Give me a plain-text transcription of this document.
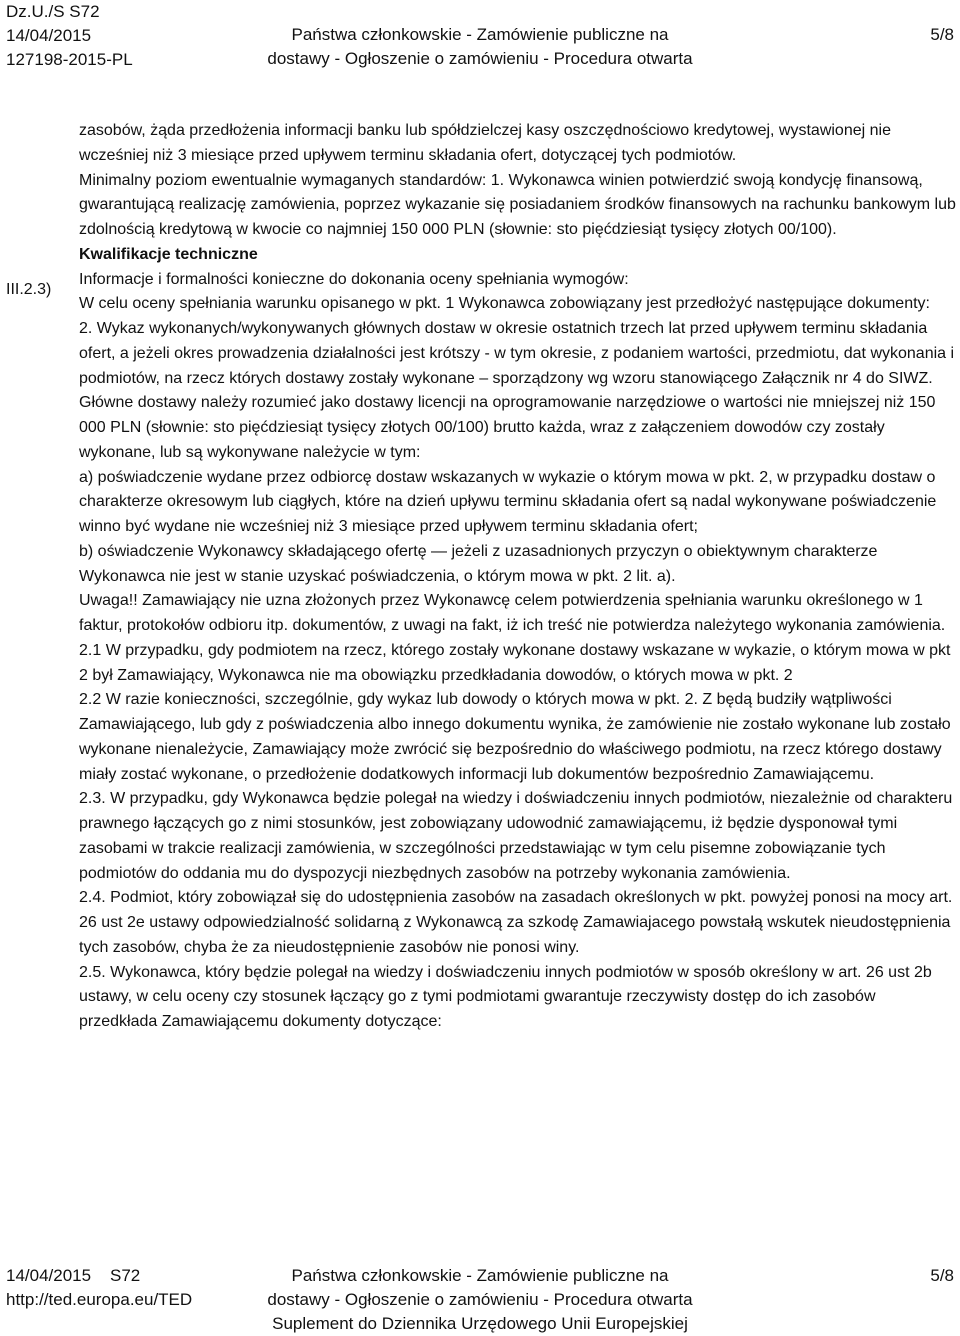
Dz.U./S S72
14/04/2015
127198-2015-PL
Państwa członkowskie - Zamówienie publiczne na
dostawy - Ogłoszenie o zamówieniu - Procedura otwarta
5/8
III.2.3)

zasobów, żąda przedłożenia informacji banku lub spółdzielczej kasy oszczędnościowo kredytowej, wystawionej nie wcześniej niż 3 miesiące przed upływem terminu składania ofert, dotyczącej tych podmiotów.

Minimalny poziom ewentualnie wymaganych standardów: 1. Wykonawca winien potwierdzić swoją kondycję finansową, gwarantującą realizację zamówienia, poprzez wykazanie się posiadaniem środków finansowych na rachunku bankowym lub zdolnością kredytową w kwocie co najmniej 150 000 PLN (słownie: sto pięćdziesiąt tysięcy złotych 00/100).

Kwalifikacje techniczne

Informacje i formalności konieczne do dokonania oceny spełniania wymogów:

W celu oceny spełniania warunku opisanego w pkt. 1 Wykonawca zobowiązany jest przedłożyć następujące dokumenty:

2. Wykaz wykonanych/wykonywanych głównych dostaw w okresie ostatnich trzech lat przed upływem terminu składania ofert, a jeżeli okres prowadzenia działalności jest krótszy - w tym okresie, z podaniem wartości, przedmiotu, dat wykonania i podmiotów, na rzecz których dostawy zostały wykonane – sporządzony wg wzoru stanowiącego Załącznik nr 4 do SIWZ. Główne dostawy należy rozumieć jako dostawy licencji na oprogramowanie narzędziowe o wartości nie mniejszej niż 150 000 PLN (słownie: sto pięćdziesiąt tysięcy złotych 00/100) brutto każda, wraz z załączeniem dowodów czy zostały wykonane, lub są wykonywane należycie w tym:

a) poświadczenie wydane przez odbiorcę dostaw wskazanych w wykazie o którym mowa w pkt. 2, w przypadku dostaw o charakterze okresowym lub ciągłych, które na dzień upływu terminu składania ofert są nadal wykonywane poświadczenie winno być wydane nie wcześniej niż 3 miesiące przed upływem terminu składania ofert;

b) oświadczenie Wykonawcy składającego ofertę — jeżeli z uzasadnionych przyczyn o obiektywnym charakterze Wykonawca nie jest w stanie uzyskać poświadczenia, o którym mowa w pkt. 2 lit. a).

Uwaga!! Zamawiający nie uzna złożonych przez Wykonawcę celem potwierdzenia spełniania warunku określonego w 1 faktur, protokołów odbioru itp. dokumentów, z uwagi na fakt, iż ich treść nie potwierdza należytego wykonania zamówienia.

2.1 W przypadku, gdy podmiotem na rzecz, którego zostały wykonane dostawy wskazane w wykazie, o którym mowa w pkt 2 był Zamawiający, Wykonawca nie ma obowiązku przedkładania dowodów, o których mowa w pkt. 2

2.2 W razie konieczności, szczególnie, gdy wykaz lub dowody o których mowa w pkt. 2. Z będą budziły wątpliwości Zamawiającego, lub gdy z poświadczenia albo innego dokumentu wynika, że zamówienie nie zostało wykonane lub zostało wykonane nienależycie, Zamawiający może zwrócić się bezpośrednio do właściwego podmiotu, na rzecz którego dostawy miały zostać wykonane, o przedłożenie dodatkowych informacji lub dokumentów bezpośrednio Zamawiającemu.

2.3. W przypadku, gdy Wykonawca będzie polegał na wiedzy i doświadczeniu innych podmiotów, niezależnie od charakteru prawnego łączących go z nimi stosunków, jest zobowiązany udowodnić zamawiającemu, iż będzie dysponował tymi zasobami w trakcie realizacji zamówienia, w szczególności przedstawiając w tym celu pisemne zobowiązanie tych podmiotów do oddania mu do dyspozycji niezbędnych zasobów na potrzeby wykonania zamówienia.

2.4. Podmiot, który zobowiązał się do udostępnienia zasobów na zasadach określonych w pkt. powyżej ponosi na mocy art. 26 ust 2e ustawy odpowiedzialność solidarną z Wykonawcą za szkodę Zamawiajacego powstałą wskutek nieudostępnienia tych zasobów, chyba że za nieudostępnienie zasobów nie ponosi winy.

2.5. Wykonawca, który będzie polegał na wiedzy i doświadczeniu innych podmiotów w sposób określony w art. 26 ust 2b ustawy, w celu oceny czy stosunek łączący go z tymi podmiotami gwarantuje rzeczywisty dostęp do ich zasobów przedkłada Zamawiającemu dokumenty dotyczące:

14/04/2015    S72
http://ted.europa.eu/TED
Państwa członkowskie - Zamówienie publiczne na
dostawy - Ogłoszenie o zamówieniu - Procedura otwarta
Suplement do Dziennika Urzędowego Unii Europejskiej
5/8
